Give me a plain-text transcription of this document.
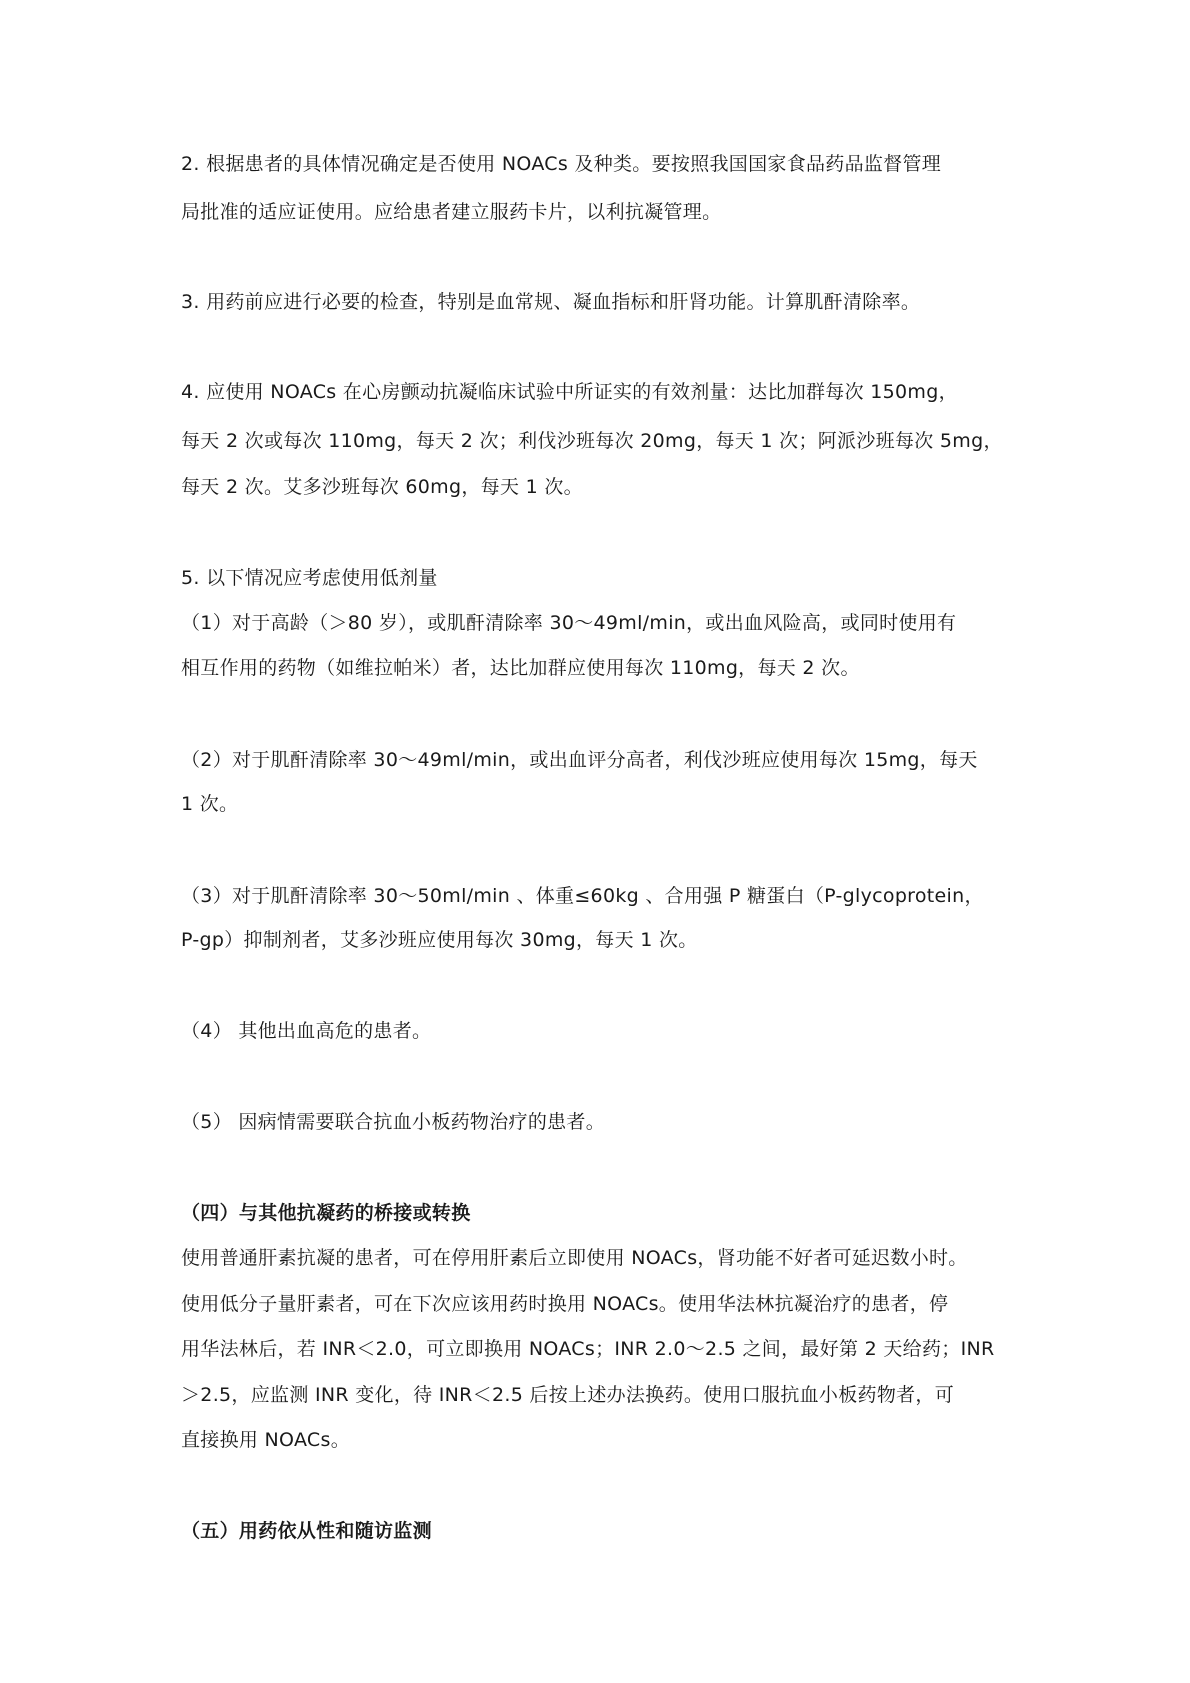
2. 根据患者的具体情况确定是否使用 NOACs 及种类。要按照我国国家食品药品监督管理
局批准的适应证使用。应给患者建立服药卡片，以利抗凝管理。
3. 用药前应进行必要的检查，特别是血常规、凝血指标和肝肾功能。计算肌酐清除率。
4. 应使用 NOACs 在心房颤动抗凝临床试验中所证实的有效剂量：达比加群每次 150mg，
每天 2 次或每次 110mg，每天 2 次；利伐沙班每次 20mg，每天 1 次；阿派沙班每次 5mg，
每天 2 次。艾多沙班每次 60mg，每天 1 次。
5. 以下情况应考虑使用低剂量
（1）对于高龄（＞80 岁），或肌酐清除率 30～49ml/min，或出血风险高，或同时使用有
相互作用的药物（如维拉帕米）者，达比加群应使用每次 110mg，每天 2 次。
（2）对于肌酐清除率 30～49ml/min，或出血评分高者，利伐沙班应使用每次 15mg，每天
1 次。
（3）对于肌酐清除率 30～50ml/min 、体重≤60kg 、合用强 P 糖蛋白（P-glycoprotein，
P-gp）抑制剂者，艾多沙班应使用每次 30mg，每天 1 次。
（4） 其他出血高危的患者。
（5） 因病情需要联合抗血小板药物治疗的患者。
（四）与其他抗凝药的桥接或转换
使用普通肝素抗凝的患者，可在停用肝素后立即使用 NOACs，肾功能不好者可延迟数小时。
使用低分子量肝素者，可在下次应该用药时换用 NOACs。使用华法林抗凝治疗的患者，停
用华法林后，若 INR＜2.0，可立即换用 NOACs；INR 2.0～2.5 之间，最好第 2 天给药；INR
＞2.5，应监测 INR 变化，待 INR＜2.5 后按上述办法换药。使用口服抗血小板药物者，可
直接换用 NOACs。
（五）用药依从性和随访监测
